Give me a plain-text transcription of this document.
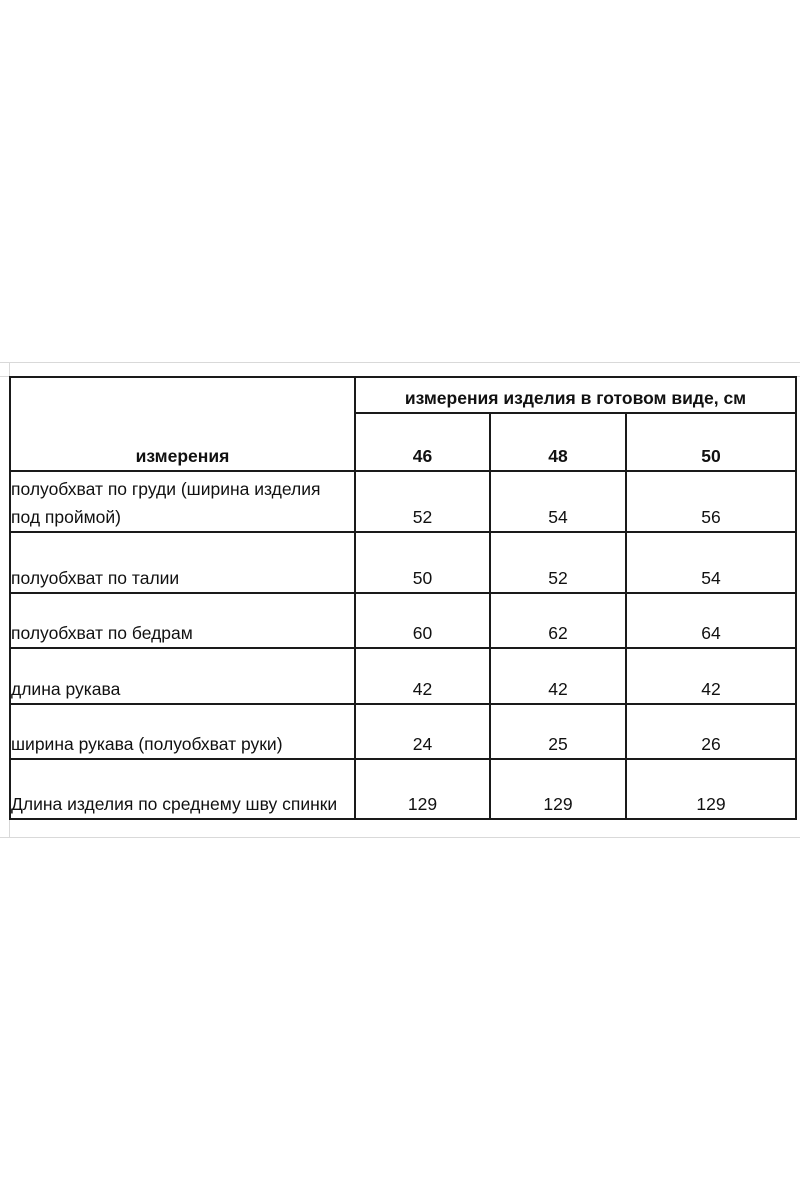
	измерения изделия в готовом виде, см		
измерения	46	48	50
полуобхват по груди (ширина изделия под проймой)	52	54	56
полуобхват по талии	50	52	54
полуобхват по бедрам	60	62	64
длина рукава	42	42	42
ширина рукава (полуобхват руки)	24	25	26
Длина изделия по среднему шву спинки	129	129	129
